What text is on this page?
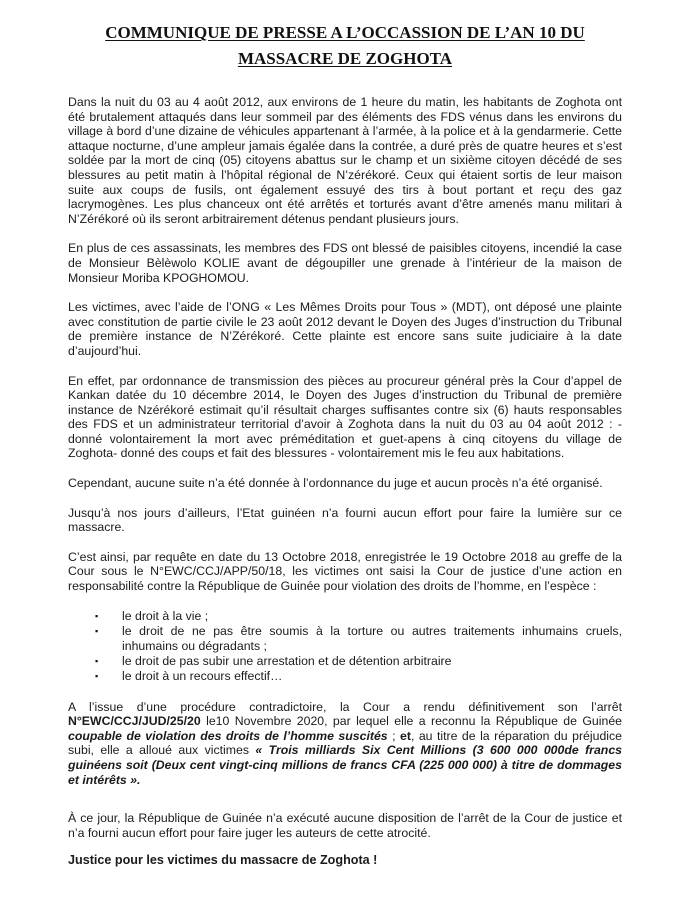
COMMUNIQUE DE PRESSE A L’OCCASSION DE L’AN 10 DU
MASSACRE DE ZOGHOTA

Dans la nuit du 03 au 4 août 2012, aux environs de 1 heure du matin, les habitants de Zoghota ont été brutalement attaqués dans leur sommeil par des éléments des FDS vénus dans les environs du village à bord d’une dizaine de véhicules appartenant à l’armée, à la police et à la gendarmerie. Cette attaque nocturne, d’une ampleur jamais égalée dans la contrée, a duré près de quatre heures et s’est soldée par la mort de cinq (05) citoyens abattus sur le champ et un sixième citoyen décédé de ses blessures au petit matin à l’hôpital régional de N’zérékoré. Ceux qui étaient sortis de leur maison suite aux coups de fusils, ont également essuyé des tirs à bout portant et reçu des gaz lacrymogènes. Les plus chanceux ont été arrêtés et torturés avant d’être amenés manu militari à N’Zérékoré où ils seront arbitrairement détenus pendant plusieurs jours.

En plus de ces assassinats, les membres des FDS ont blessé de paisibles citoyens, incendié la case de Monsieur Bèlèwolo KOLIE avant de dégoupiller une grenade à l’intérieur de la maison de Monsieur Moriba KPOGHOMOU.

Les victimes, avec l’aide de l’ONG « Les Mêmes Droits pour Tous » (MDT), ont déposé une plainte avec constitution de partie civile le 23 août 2012 devant le Doyen des Juges d’instruction du Tribunal de première instance de N’Zérékoré. Cette plainte est encore sans suite judiciaire à la date d’aujourd’hui.

En effet, par ordonnance de transmission des pièces au procureur général près la Cour d’appel de Kankan datée du 10 décembre 2014, le Doyen des Juges d’instruction du Tribunal de première instance de Nzérékoré estimait qu’il résultait charges suffisantes contre six (6) hauts responsables des FDS et un administrateur territorial d’avoir à Zoghota dans la nuit du 03 au 04 août 2012 : - donné volontairement la mort avec préméditation et guet-apens à cinq citoyens du village de Zoghota- donné des coups et fait des blessures - volontairement mis le feu aux habitations.

Cependant, aucune suite n’a été donnée à l’ordonnance du juge et aucun procès n’a été organisé.

Jusqu’à nos jours d’ailleurs, l’Etat guinéen n’a fourni aucun effort pour faire la lumière sur ce massacre.

C’est ainsi, par requête en date du 13 Octobre 2018, enregistrée le 19 Octobre 2018 au greffe de la Cour sous le N°EWC/CCJ/APP/50/18, les victimes ont saisi la Cour de justice d’une action en responsabilité contre la République de Guinée pour violation des droits de l’homme, en l’espèce :

▪ le droit à la vie ;
▪ le droit de ne pas être soumis à la torture ou autres traitements inhumains cruels, inhumains ou dégradants ;
▪ le droit de pas subir une arrestation et de détention arbitraire
▪ le droit à un recours effectif…

A l’issue d’une procédure contradictoire, la Cour a rendu définitivement son l’arrêt N°EWC/CCJ/JUD/25/20 le10 Novembre 2020, par lequel elle a reconnu la République de Guinée coupable de violation des droits de l’homme suscités ; et, au titre de la réparation du préjudice subi, elle a alloué aux victimes « Trois milliards Six Cent Millions (3 600 000 000de francs guinéens soit (Deux cent vingt-cinq millions de francs CFA (225 000 000) à titre de dommages et intérêts ».

À ce jour, la République de Guinée n’a exécuté aucune disposition de l’arrêt de la Cour de justice et n’a fourni aucun effort pour faire juger les auteurs de cette atrocité.

Justice pour les victimes du massacre de Zoghota !
